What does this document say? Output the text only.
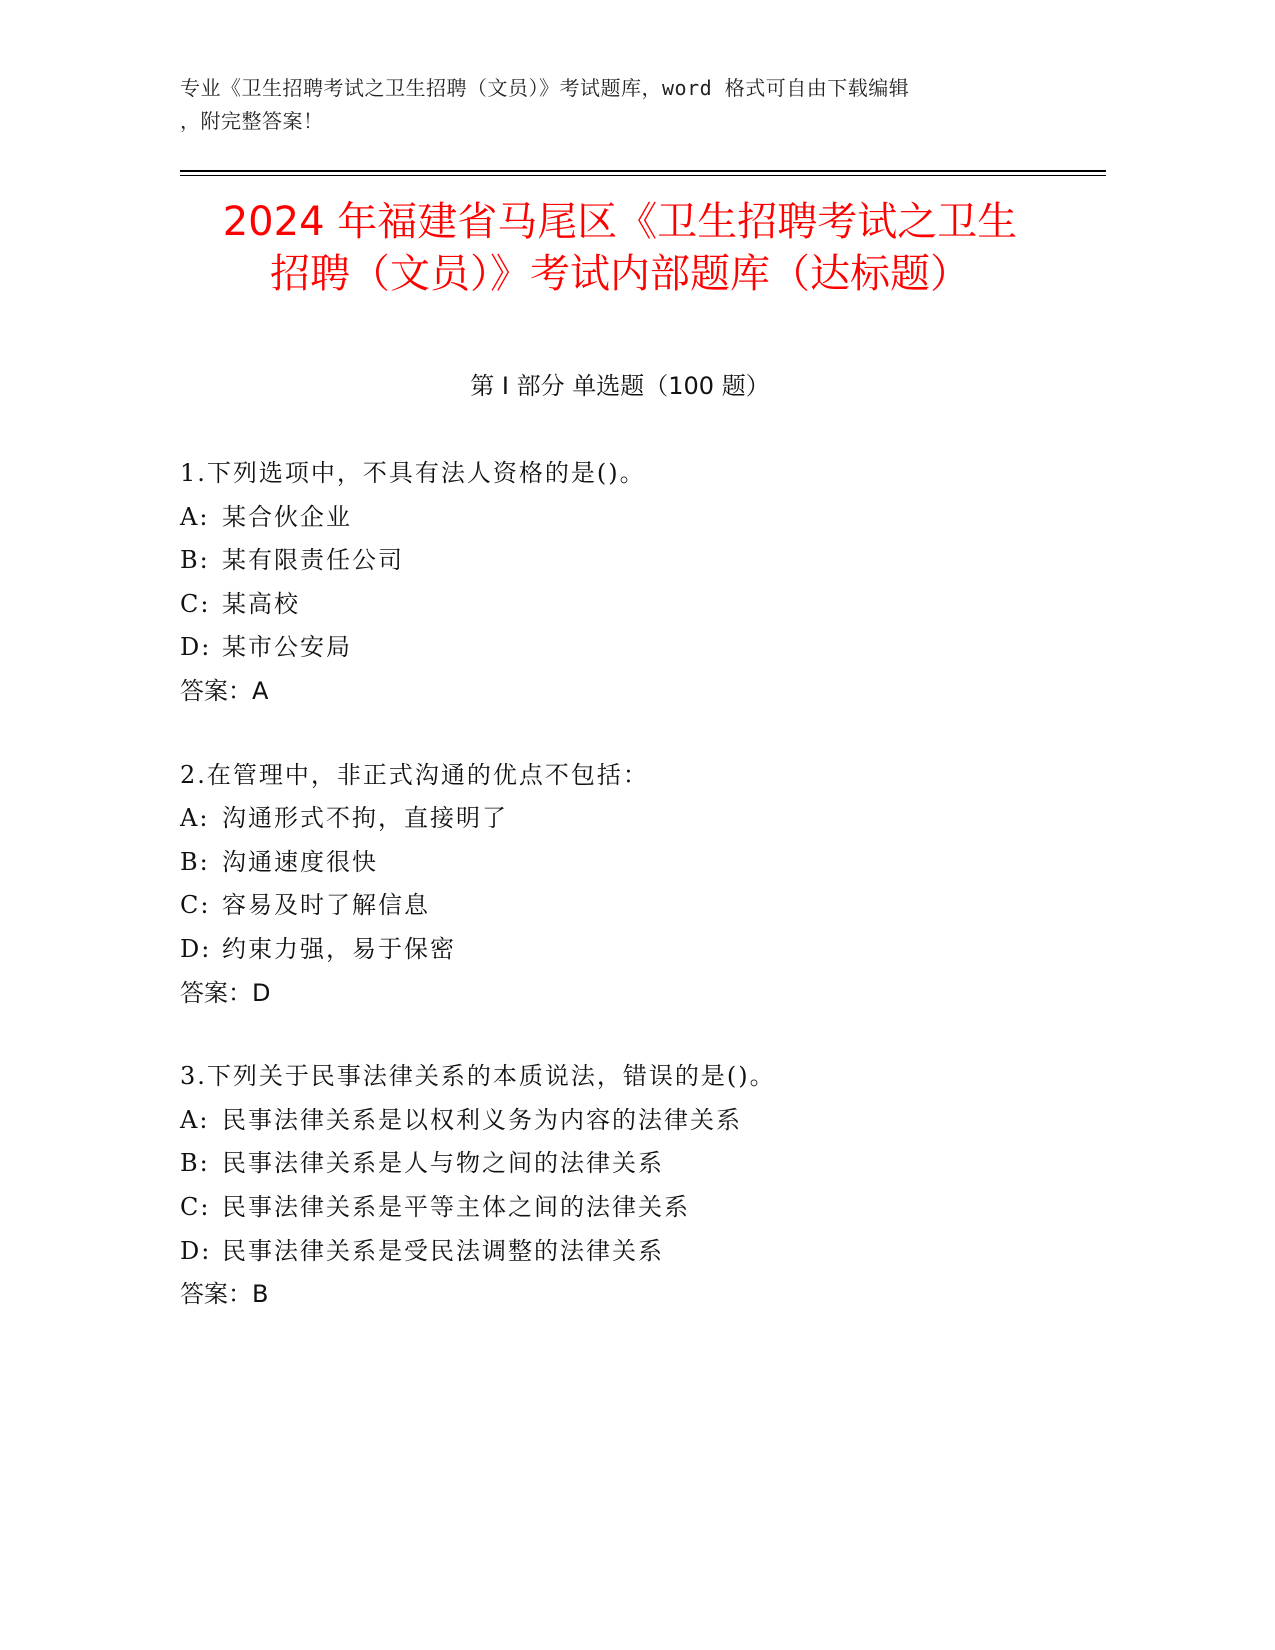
专业《卫生招聘考试之卫生招聘（文员）》考试题库，word 格式可自由下载编辑
，附完整答案！
2024 年福建省马尾区《卫生招聘考试之卫生
招聘（文员）》考试内部题库（达标题）
第 I 部分 单选题（100 题）
1.下列选项中，不具有法人资格的是()。
A: 某合伙企业
B: 某有限责任公司
C: 某高校
D: 某市公安局
答案：A
2.在管理中，非正式沟通的优点不包括：
A: 沟通形式不拘，直接明了
B: 沟通速度很快
C: 容易及时了解信息
D: 约束力强，易于保密
答案：D
3.下列关于民事法律关系的本质说法，错误的是()。
A: 民事法律关系是以权利义务为内容的法律关系
B: 民事法律关系是人与物之间的法律关系
C: 民事法律关系是平等主体之间的法律关系
D: 民事法律关系是受民法调整的法律关系
答案：B
